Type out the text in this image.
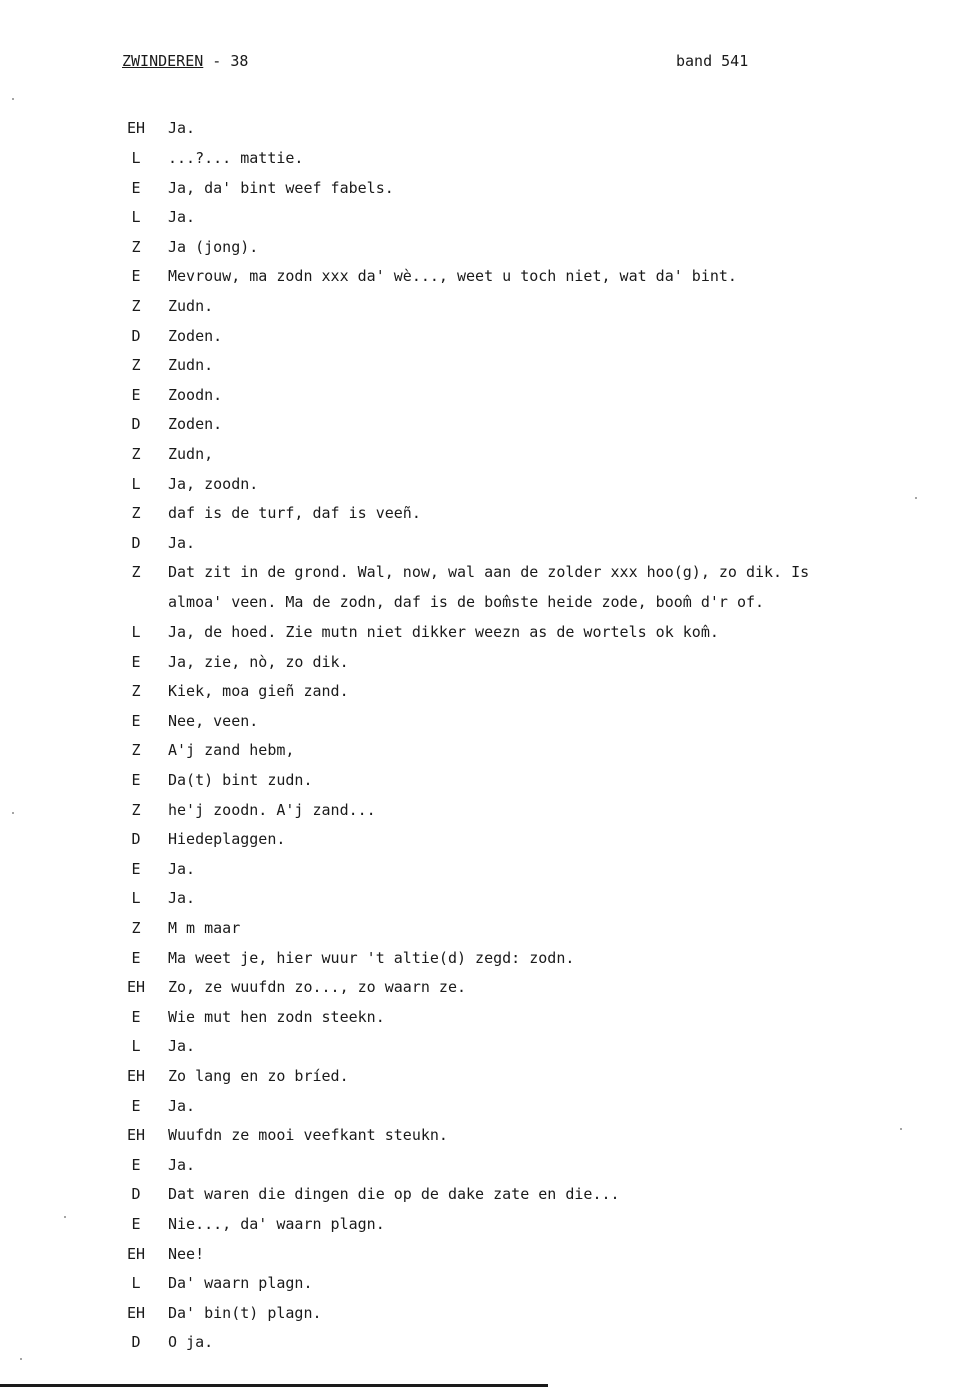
ZWINDEREN - 38	band 541
EH	Ja.
L	...?... mattie.
E	Ja, da' bint weef fabels.
L	Ja.
Z	Ja (jong).
E	Mevrouw, ma zodn xxx da' wè..., weet u toch niet, wat da' bint.
Z	Zudn.
D	Zoden.
Z	Zudn.
E	Zoodn.
D	Zoden.
Z	Zudn,
L	Ja, zoodn.
Z	daf is de turf, daf is veeñ.
D	Ja.
Z	Dat zit in de grond. Wal, now, wal aan de zolder xxx hoo(g), zo dik. Is
almoa' veen. Ma de zodn, daf is de bom̂ste heide zode, boom̂ d'r of.
L	Ja, de hoed. Zie mutn niet dikker weezn as de wortels ok kom̂.
E	Ja, zie, nò, zo dik.
Z	Kiek, moa gieñ zand.
E	Nee, veen.
Z	A'j zand hebm,
E	Da(t) bint zudn.
Z	he'j zoodn. A'j zand...
D	Hiedeplaggen.
E	Ja.
L	Ja.
Z	M m maar
E	Ma weet je, hier wuur 't altie(d) zegd: zodn.
EH	Zo, ze wuufdn zo..., zo waarn ze.
E	Wie mut hen zodn steekn.
L	Ja.
EH	Zo lang en zo bríed.
E	Ja.
EH	Wuufdn ze mooi veefkant steukn.
E	Ja.
D	Dat waren die dingen die op de dake zate en die...
E	Nie..., da' waarn plagn.
EH	Nee!
L	Da' waarn plagn.
EH	Da' bin(t) plagn.
D	O ja.
